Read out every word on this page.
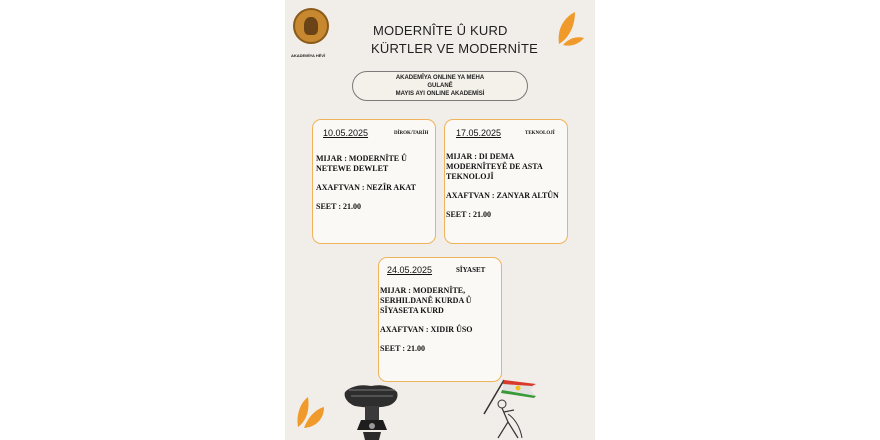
AKADEMÎYA HÊVÎ
MODERNÎTE Û KURD
KÜRTLER VE MODERNİTE
AKADEMÎYA ONLINE YA MEHA
GULANÊ
MAYIS AYI ONLINE AKADEMİSİ
10.05.2025	DÎROK/TARİH

MIJAR : MODERNÎTE Û NETEWE DEWLET

AXAFTVAN : NEZÎR AKAT

SEET : 21.00

17.05.2025	TEKNOLOJÎ

MIJAR : DI DEMA MODERNÎTEYÊ DE ASTA TEKNOLOJÎ

AXAFTVAN : ZANYAR ALTÛN

SEET : 21.00

24.05.2025	SÎYASET

MIJAR : MODERNÎTE, SERHILDANÊ KURDA Û SÎYASETA KURD

AXAFTVAN : XIDIR ÛSO

SEET : 21.00
